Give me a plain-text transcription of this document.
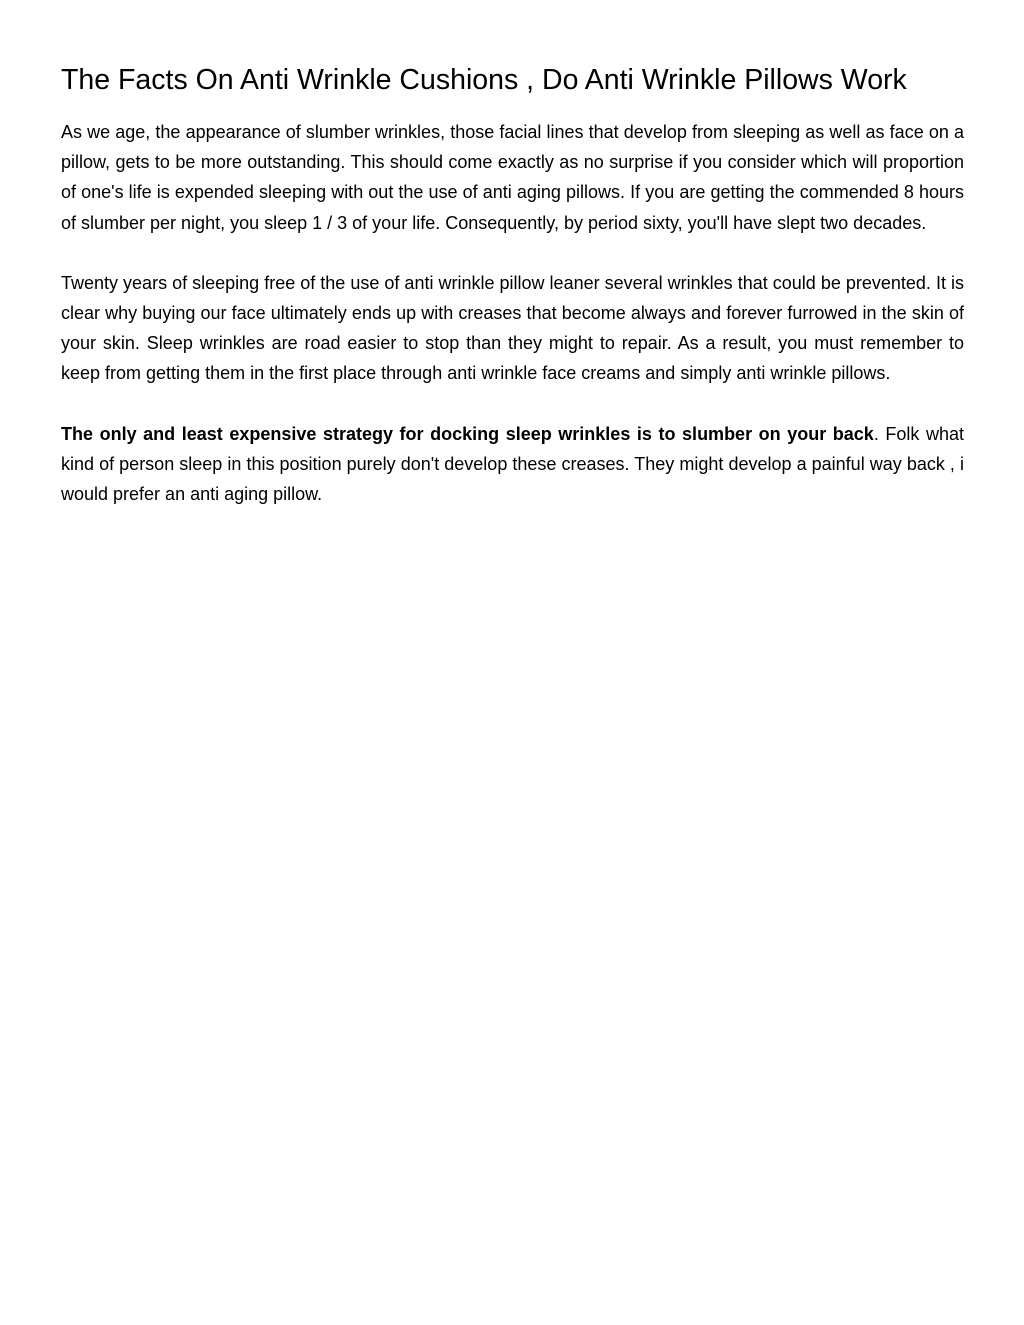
The Facts On Anti Wrinkle Cushions , Do Anti Wrinkle Pillows Work

As we age, the appearance of slumber wrinkles, those facial lines that develop from sleeping as well as face on a pillow, gets to be more outstanding. This should come exactly as no surprise if you consider which will proportion of one's life is expended sleeping with out the use of anti aging pillows. If you are getting the commended 8 hours of slumber per night, you sleep 1 / 3 of your life. Consequently, by period sixty, you'll have slept two decades.

Twenty years of sleeping free of the use of anti wrinkle pillow leaner several wrinkles that could be prevented. It is clear why buying our face ultimately ends up with creases that become always and forever furrowed in the skin of your skin. Sleep wrinkles are road easier to stop than they might to repair. As a result, you must remember to keep from getting them in the first place through anti wrinkle face creams and simply anti wrinkle pillows.

The only and least expensive strategy for docking sleep wrinkles is to slumber on your back. Folk what kind of person sleep in this position purely don't develop these creases. They might develop a painful way back , i would prefer an anti aging pillow.
